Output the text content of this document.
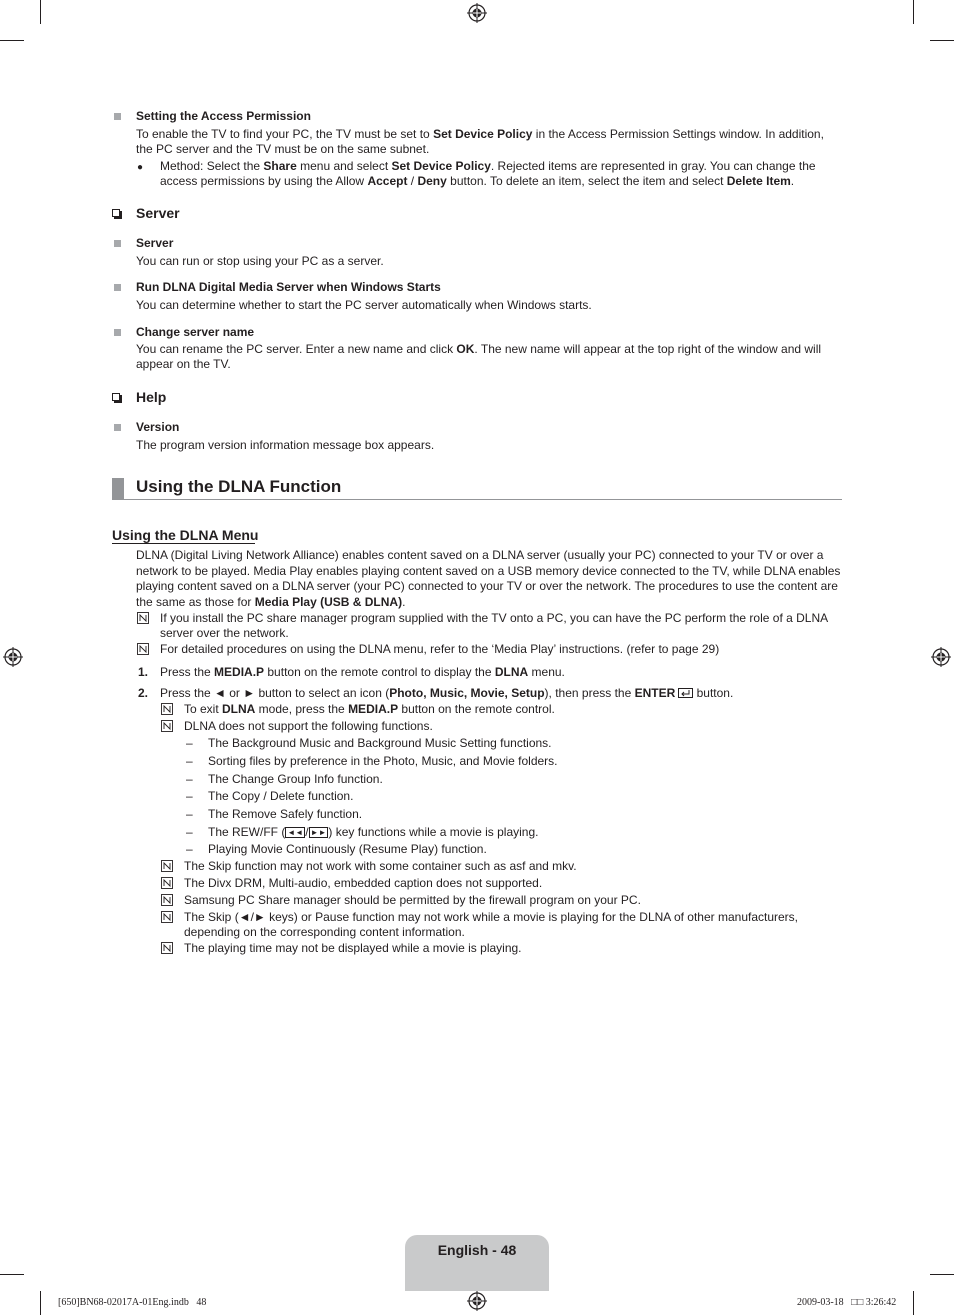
Setting the Access Permission
To enable the TV to find your PC, the TV must be set to Set Device Policy in the Access Permission Settings window. In addition, the PC server and the TV must be on the same subnet.
● Method: Select the Share menu and select Set Device Policy. Rejected items are represented in gray. You can change the access permissions by using the Allow Accept / Deny button. To delete an item, select the item and select Delete Item.
Server
Server
You can run or stop using your PC as a server.
Run DLNA Digital Media Server when Windows Starts
You can determine whether to start the PC server automatically when Windows starts.
Change server name
You can rename the PC server. Enter a new name and click OK. The new name will appear at the top right of the window and will appear on the TV.
Help
Version
The program version information message box appears.
Using the DLNA Function
Using the DLNA Menu
DLNA (Digital Living Network Alliance) enables content saved on a DLNA server (usually your PC) connected to your TV or over a network to be played. Media Play enables playing content saved on a USB memory device connected to the TV, while DLNA enables playing content saved on a DLNA server (your PC) connected to your TV or over the network. The procedures to use the content are the same as those for Media Play (USB & DLNA).
If you install the PC share manager program supplied with the TV onto a PC, you can have the PC perform the role of a DLNA server over the network.
For detailed procedures on using the DLNA menu, refer to the ‘Media Play’ instructions. (refer to page 29)
1. Press the MEDIA.P button on the remote control to display the DLNA menu.
2. Press the ◄ or ► button to select an icon (Photo, Music, Movie, Setup), then press the ENTER
button.
To exit DLNA mode, press the MEDIA.P button on the remote control.
DLNA does not support the following functions.
– The Background Music and Background Music Setting functions.
– Sorting files by preference in the Photo, Music, and Movie folders.
– The Change Group Info function.
– The Copy / Delete function.
– The Remove Safely function.
– The REW/FF ( ◄◄ / ►► ) key functions while a movie is playing.
– Playing Movie Continuously (Resume Play) function.
The Skip function may not work with some container such as asf and mkv.
The Divx DRM, Multi-audio, embedded caption does not supported.
Samsung PC Share manager should be permitted by the firewall program on your PC.
The Skip (◄/► keys) or Pause function may not work while a movie is playing for the DLNA of other manufacturers, depending on the corresponding content information.
The playing time may not be displayed while a movie is playing.
English - 48
[650]BN68-02017A-01Eng.indb   48	2009-03-18   □□ 3:26:42
